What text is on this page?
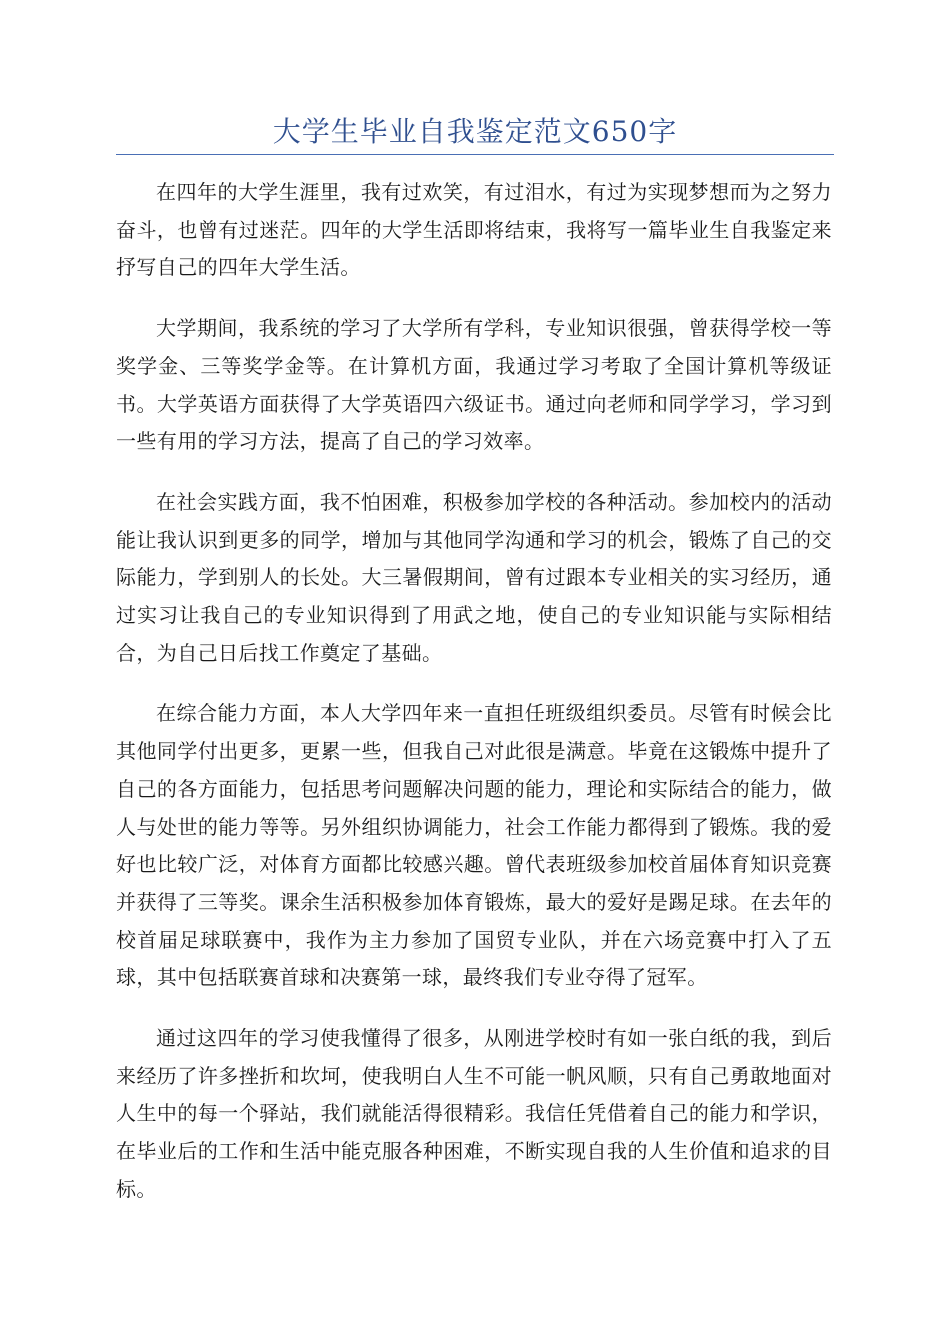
大学生毕业自我鉴定范文650字

在四年的大学生涯里，我有过欢笑，有过泪水，有过为实现梦想而为之努力奋斗，也曾有过迷茫。四年的大学生活即将结束，我将写一篇毕业生自我鉴定来抒写自己的四年大学生活。

大学期间，我系统的学习了大学所有学科，专业知识很强，曾获得学校一等奖学金、三等奖学金等。在计算机方面，我通过学习考取了全国计算机等级证书。大学英语方面获得了大学英语四六级证书。通过向老师和同学学习，学习到一些有用的学习方法，提高了自己的学习效率。

在社会实践方面，我不怕困难，积极参加学校的各种活动。参加校内的活动能让我认识到更多的同学，增加与其他同学沟通和学习的机会，锻炼了自己的交际能力，学到别人的长处。大三暑假期间，曾有过跟本专业相关的实习经历，通过实习让我自己的专业知识得到了用武之地，使自己的专业知识能与实际相结合，为自己日后找工作奠定了基础。

在综合能力方面，本人大学四年来一直担任班级组织委员。尽管有时候会比其他同学付出更多，更累一些，但我自己对此很是满意。毕竟在这锻炼中提升了自己的各方面能力，包括思考问题解决问题的能力，理论和实际结合的能力，做人与处世的能力等等。另外组织协调能力，社会工作能力都得到了锻炼。我的爱好也比较广泛，对体育方面都比较感兴趣。曾代表班级参加校首届体育知识竞赛并获得了三等奖。课余生活积极参加体育锻炼，最大的爱好是踢足球。在去年的校首届足球联赛中，我作为主力参加了国贸专业队，并在六场竞赛中打入了五球，其中包括联赛首球和决赛第一球，最终我们专业夺得了冠军。

通过这四年的学习使我懂得了很多，从刚进学校时有如一张白纸的我，到后来经历了许多挫折和坎坷，使我明白人生不可能一帆风顺，只有自己勇敢地面对人生中的每一个驿站，我们就能活得很精彩。我信任凭借着自己的能力和学识，在毕业后的工作和生活中能克服各种困难，不断实现自我的人生价值和追求的目标。
